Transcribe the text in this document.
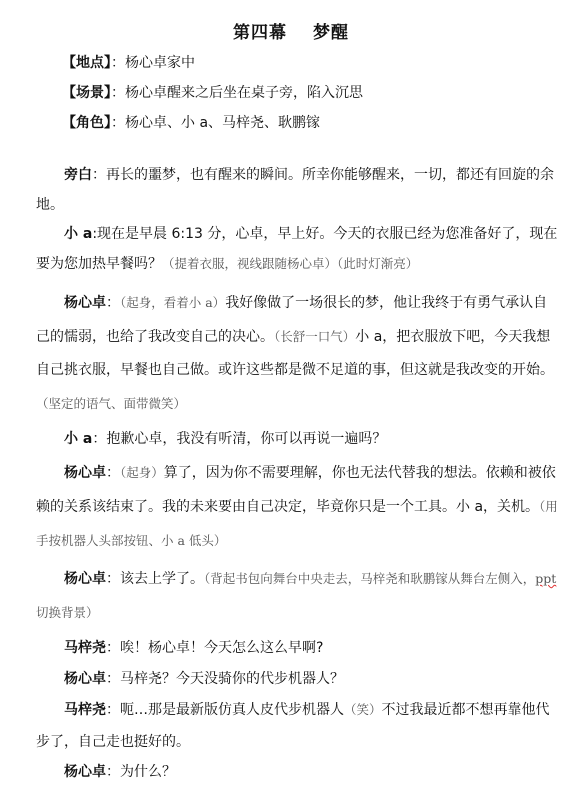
第四幕 梦醒
【地点】：杨心卓家中
【场景】：杨心卓醒来之后坐在桌子旁，陷入沉思
【角色】：杨心卓、小 a、马梓尧、耿鹏镓
旁白：再长的噩梦，也有醒来的瞬间。所幸你能够醒来，一切，都还有回旋的余地。
小 a:现在是早晨 6:13 分，心卓，早上好。今天的衣服已经为您准备好了，现在要为您加热早餐吗？（提着衣服，视线跟随杨心卓）（此时灯渐亮）
杨心卓：（起身，看着小 a）我好像做了一场很长的梦，他让我终于有勇气承认自己的懦弱，也给了我改变自己的决心。（长舒一口气）小 a，把衣服放下吧，今天我想自己挑衣服，早餐也自己做。或许这些都是微不足道的事，但这就是我改变的开始。（坚定的语气、面带微笑）
小 a：抱歉心卓，我没有听清，你可以再说一遍吗？
杨心卓：（起身）算了，因为你不需要理解，你也无法代替我的想法。依赖和被依赖的关系该结束了。我的未来要由自己决定，毕竟你只是一个工具。小 a，关机。（用手按机器人头部按钮、小 a 低头）
杨心卓：该去上学了。（背起书包向舞台中央走去，马梓尧和耿鹏镓从舞台左侧入，ppt 切换背景）
马梓尧：唉！杨心卓！今天怎么这么早啊?
杨心卓：马梓尧？今天没骑你的代步机器人？
马梓尧：呃…那是最新版仿真人皮代步机器人（笑）不过我最近都不想再靠他代步了，自己走也挺好的。
杨心卓：为什么？
